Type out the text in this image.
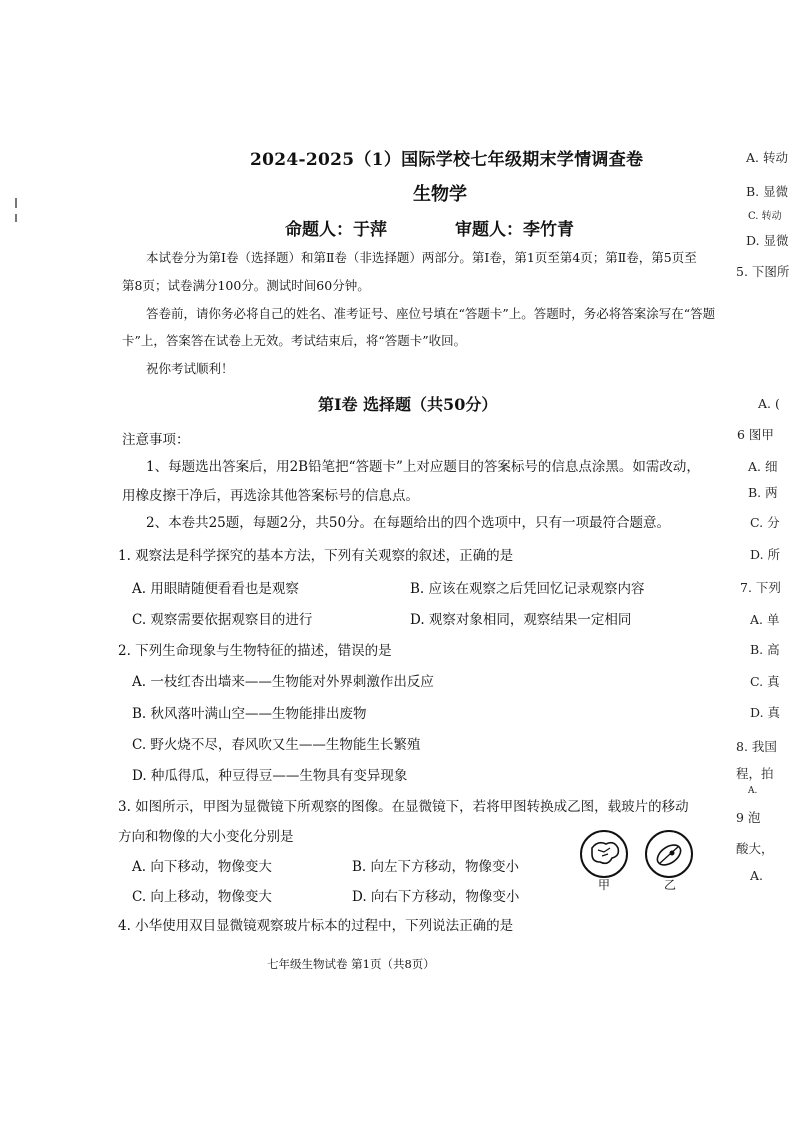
2024-2025（1）国际学校七年级期末学情调查卷
生物学
命题人：于萍	审题人：李竹青
本试卷分为第Ⅰ卷（选择题）和第Ⅱ卷（非选择题）两部分。第Ⅰ卷，第1页至第4页；第Ⅱ卷，第5页至
第8页；试卷满分100分。测试时间60分钟。
答卷前，请你务必将自己的姓名、准考证号、座位号填在“答题卡”上。答题时，务必将答案涂写在“答题
卡”上，答案答在试卷上无效。考试结束后，将“答题卡”收回。
祝你考试顺利！
第Ⅰ卷 选择题（共50分）
注意事项：
1、每题选出答案后，用2B铅笔把“答题卡”上对应题目的答案标号的信息点涂黑。如需改动，
用橡皮擦干净后，再选涂其他答案标号的信息点。
2、本卷共25题，每题2分，共50分。在每题给出的四个选项中，只有一项最符合题意。
1. 观察法是科学探究的基本方法，下列有关观察的叙述，正确的是
A. 用眼睛随便看看也是观察	B. 应该在观察之后凭回忆记录观察内容
C. 观察需要依据观察目的进行	D. 观察对象相同，观察结果一定相同
2. 下列生命现象与生物特征的描述，错误的是
A. 一枝红杏出墙来——生物能对外界刺激作出反应
B. 秋风落叶满山空——生物能排出废物
C. 野火烧不尽，春风吹又生——生物能生长繁殖
D. 种瓜得瓜，种豆得豆——生物具有变异现象
3. 如图所示，甲图为显微镜下所观察的图像。在显微镜下，若将甲图转换成乙图，载玻片的移动
方向和物像的大小变化分别是
A. 向下移动，物像变大	B. 向左下方移动，物像变小
C. 向上移动，物像变大	D. 向右下方移动，物像变小
甲	乙
4. 小华使用双目显微镜观察玻片标本的过程中，下列说法正确的是
七年级生物试卷 第1页（共8页）
A. 转动
B. 显微
C. 转动
D. 显微
5. 下图所
A. (
6 图甲
A. 细
B. 两
C. 分
D. 所
7. 下列
A. 单
B. 高
C. 真
D. 真
8. 我国
程，拍
A.
9 泡
酸大，
A.
